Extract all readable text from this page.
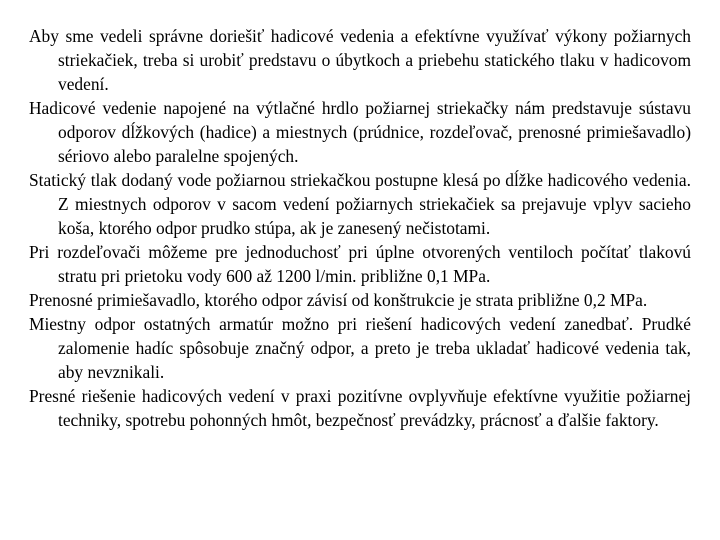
Aby sme vedeli správne doriešiť hadicové vedenia a efektívne využívať výkony požiarnych striekačiek, treba si urobiť predstavu o úbytkoch a priebehu statického tlaku v hadicovom vedení.

Hadicové vedenie napojené na výtlačné hrdlo požiarnej striekačky nám predstavuje sústavu odporov dĺžkových (hadice) a miestnych (prúdnice, rozdeľovač, prenosné primiešavadlo) sériovo alebo paralelne spojených.

Statický tlak dodaný vode požiarnou striekačkou postupne klesá po dĺžke hadicového vedenia. Z miestnych odporov v sacom vedení požiarnych striekačiek sa prejavuje vplyv sacieho koša, ktorého odpor prudko stúpa, ak je zanesený nečistotami.

Pri rozdeľovači môžeme pre jednoduchosť pri úplne otvorených ventiloch počítať tlakovú stratu pri prietoku vody 600 až 1200 l/min. približne 0,1 MPa.

Prenosné primiešavadlo, ktorého odpor závisí od konštrukcie je strata približne 0,2 MPa.

Miestny odpor ostatných armatúr možno pri riešení hadicových vedení zanedbať. Prudké zalomenie hadíc spôsobuje značný odpor, a preto je treba ukladať hadicové vedenia tak, aby nevznikali.

Presné riešenie hadicových vedení v praxi pozitívne ovplyvňuje efektívne využitie požiarnej techniky, spotrebu pohonných hmôt, bezpečnosť prevádzky, prácnosť a ďalšie faktory.
